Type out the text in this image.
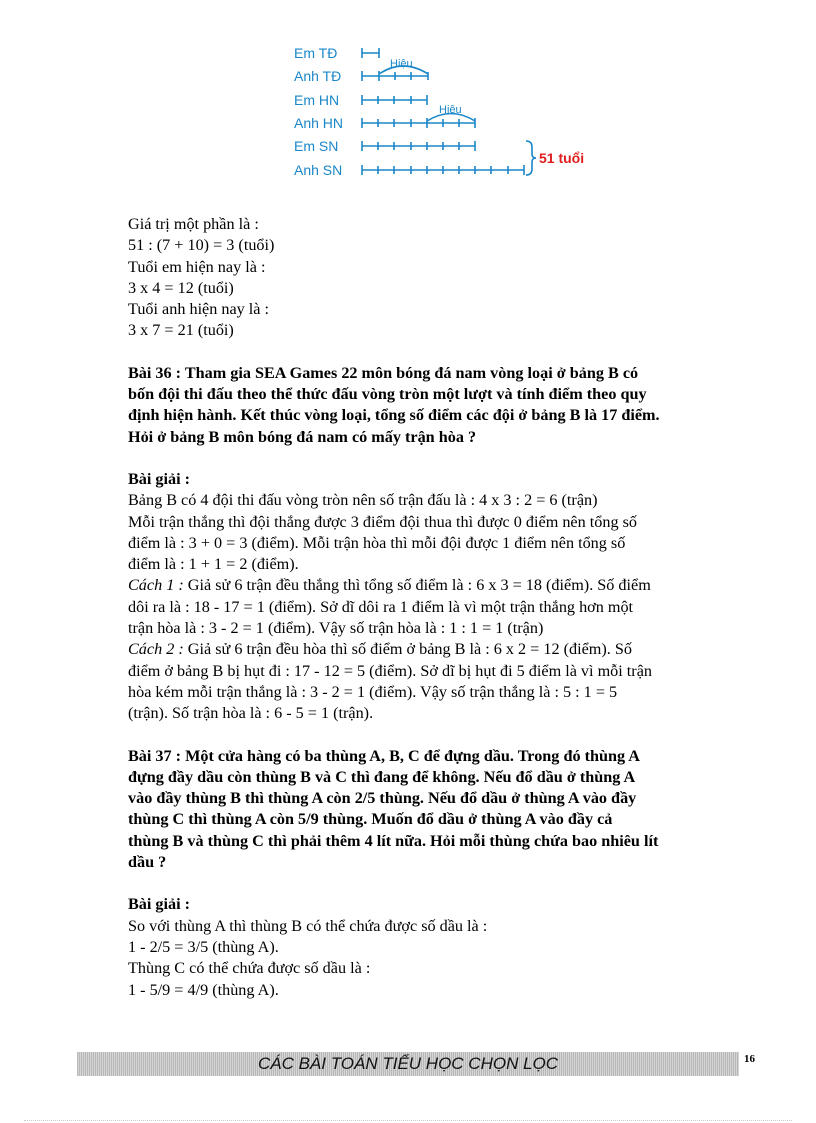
Em TĐ
Anh TĐ
Em HN
Anh HN
Em SN
Anh SN
Hiệu
Hiệu
51 tuổi
Giá trị một phần là :
51 : (7 + 10) = 3 (tuổi)
Tuổi em hiện nay là :
3 x 4 = 12 (tuổi)
Tuổi anh hiện nay là :
3 x 7 = 21 (tuổi)
Bài 36 : Tham gia SEA Games 22 môn bóng đá nam vòng loại ở bảng B có
bốn đội thi đấu theo thể thức đấu vòng tròn một lượt và tính điểm theo quy
định hiện hành. Kết thúc vòng loại, tổng số điểm các đội ở bảng B là 17 điểm.
Hỏi ở bảng B môn bóng đá nam có mấy trận hòa ?
Bài giải :
Bảng B có 4 đội thi đấu vòng tròn nên số trận đấu là : 4 x 3 : 2 = 6 (trận)
Mỗi trận thắng thì đội thắng được 3 điểm đội thua thì được 0 điểm nên tổng số
điểm là : 3 + 0 = 3 (điểm). Mỗi trận hòa thì mỗi đội được 1 điểm nên tổng số
điểm là : 1 + 1 = 2 (điểm).
Cách 1 : Giả sử 6 trận đều thắng thì tổng số điểm là : 6 x 3 = 18 (điểm). Số điểm
dôi ra là : 18 - 17 = 1 (điểm). Sở dĩ dôi ra 1 điểm là vì một trận thắng hơn một
trận hòa là : 3 - 2 = 1 (điểm). Vậy số trận hòa là : 1 : 1 = 1 (trận)
Cách 2 : Giả sử 6 trận đều hòa thì số điểm ở bảng B là : 6 x 2 = 12 (điểm). Số
điểm ở bảng B bị hụt đi : 17 - 12 = 5 (điểm). Sở dĩ bị hụt đi 5 điểm là vì mỗi trận
hòa kém mỗi trận thắng là : 3 - 2 = 1 (điểm). Vậy số trận thắng là : 5 : 1 = 5
(trận). Số trận hòa là : 6 - 5 = 1 (trận).
Bài 37 : Một cửa hàng có ba thùng A, B, C để đựng dầu. Trong đó thùng A
đựng đầy dầu còn thùng B và C thì đang để không. Nếu đổ dầu ở thùng A
vào đầy thùng B thì thùng A còn 2/5 thùng. Nếu đổ dầu ở thùng A vào đầy
thùng C thì thùng A còn 5/9 thùng. Muốn đổ dầu ở thùng A vào đầy cả
thùng B và thùng C thì phải thêm 4 lít nữa. Hỏi mỗi thùng chứa bao nhiêu lít
dầu ?
Bài giải :
So với thùng A thì thùng B có thể chứa được số dầu là :
1 - 2/5 = 3/5 (thùng A).
Thùng C có thể chứa được số dầu là :
1 - 5/9 = 4/9 (thùng A).
CÁC BÀI TOÁN TIỂU HỌC CHỌN LỌC	16
